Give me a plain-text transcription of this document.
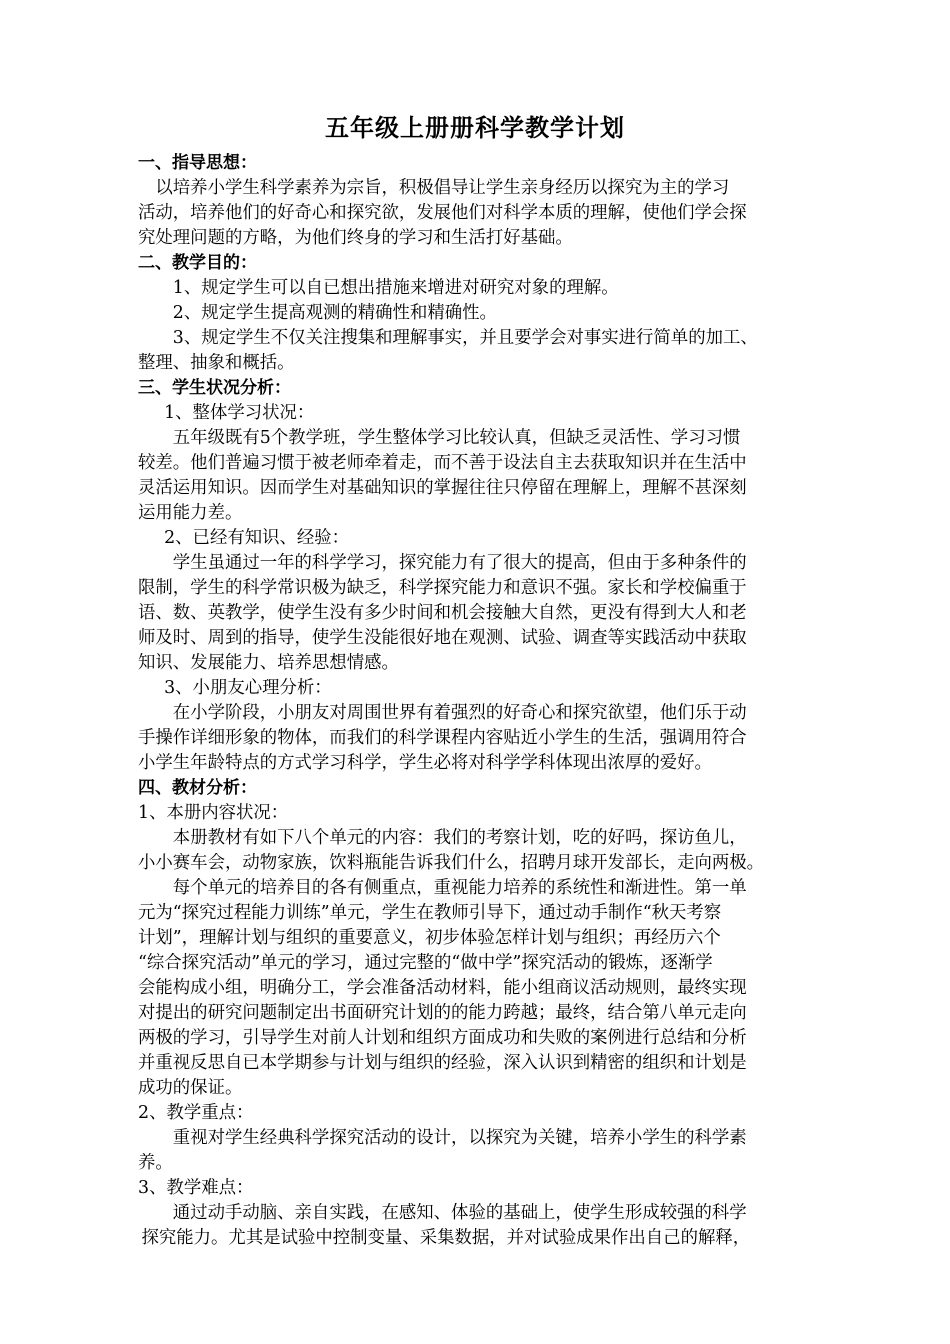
五年级上册册科学教学计划
一、指导思想：
以培养小学生科学素养为宗旨，积极倡导让学生亲身经历以探究为主的学习
活动，培养他们的好奇心和探究欲，发展他们对科学本质的理解，使他们学会探
究处理问题的方略，为他们终身的学习和生活打好基础。
二、教学目的：
1、规定学生可以自已想出措施来增进对研究对象的理解。
2、规定学生提高观测的精确性和精确性。
3、规定学生不仅关注搜集和理解事实，并且要学会对事实进行简单的加工、
整理、抽象和概括。
三、学生状况分析：
1、整体学习状况：
五年级既有5个教学班，学生整体学习比较认真，但缺乏灵活性、学习习惯
较差。他们普遍习惯于被老师牵着走，而不善于设法自主去获取知识并在生活中
灵活运用知识。因而学生对基础知识的掌握往往只停留在理解上，理解不甚深刻
运用能力差。
2、已经有知识、经验：
学生虽通过一年的科学学习，探究能力有了很大的提高，但由于多种条件的
限制，学生的科学常识极为缺乏，科学探究能力和意识不强。家长和学校偏重于
语、数、英教学，使学生没有多少时间和机会接触大自然，更没有得到大人和老
师及时、周到的指导，使学生没能很好地在观测、试验、调查等实践活动中获取
知识、发展能力、培养思想情感。
3、小朋友心理分析：
在小学阶段，小朋友对周围世界有着强烈的好奇心和探究欲望，他们乐于动
手操作详细形象的物体，而我们的科学课程内容贴近小学生的生活，强调用符合
小学生年龄特点的方式学习科学，学生必将对科学学科体现出浓厚的爱好。
四、教材分析：
1、本册内容状况：
本册教材有如下八个单元的内容：我们的考察计划，吃的好吗，探访鱼儿，
小小赛车会，动物家族，饮料瓶能告诉我们什么，招聘月球开发部长，走向两极。
每个单元的培养目的各有侧重点，重视能力培养的系统性和渐进性。第一单
元为“探究过程能力训练”单元，学生在教师引导下，通过动手制作“秋天考察
计划”，理解计划与组织的重要意义，初步体验怎样计划与组织；再经历六个
“综合探究活动”单元的学习，通过完整的“做中学”探究活动的锻炼，逐渐学
会能构成小组，明确分工，学会准备活动材料，能小组商议活动规则，最终实现
对提出的研究问题制定出书面研究计划的的能力跨越；最终，结合第八单元走向
两极的学习，引导学生对前人计划和组织方面成功和失败的案例进行总结和分析
并重视反思自已本学期参与计划与组织的经验，深入认识到精密的组织和计划是
成功的保证。
2、教学重点：
重视对学生经典科学探究活动的设计，以探究为关键，培养小学生的科学素
养。
3、教学难点：
通过动手动脑、亲自实践，在感知、体验的基础上，使学生形成较强的科学
探究能力。尤其是试验中控制变量、采集数据，并对试验成果作出自己的解释，
